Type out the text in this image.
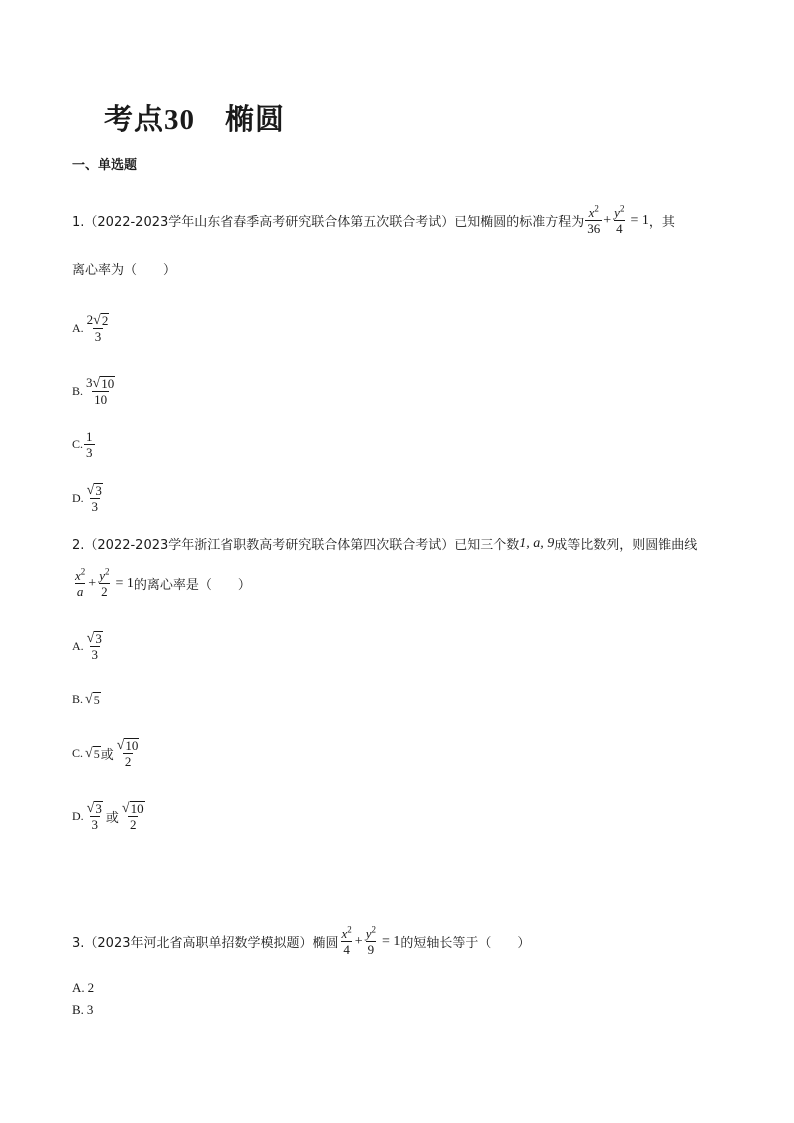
考点30 椭圆
一、单选题
1.（2022-2023学年山东省春季高考研究联合体第五次联合考试）已知椭圆的标准方程为 $\frac{x^2}{36} + \frac{y^2}{4} = 1$ ，其
离心率为（　　）
A. $\frac{2 √ 2}{3}$
B. $\frac{3 √ 10}{10}$
C. $\frac{1}{3}$
D. $\frac{√ 3}{3}$
2.（2022-2023学年浙江省职教高考研究联合体第四次联合考试）已知三个数 1, a, 9 成等比数列，则圆锥曲线
$\frac{x^2}{a} + \frac{y^2}{2} = 1$ 的离心率是（　　）
A. $\frac{√ 3}{3}$
B. √ 5
C. √ 5 或 $\frac{√ 10}{2}$
D. $\frac{√ 3}{3}$ 或 $\frac{√ 10}{2}$
3.（2023年河北省高职单招数学模拟题）椭圆 $\frac{x^2}{4} + \frac{y^2}{9} = 1$ 的短轴长等于（　　）
A. 2
B. 3
